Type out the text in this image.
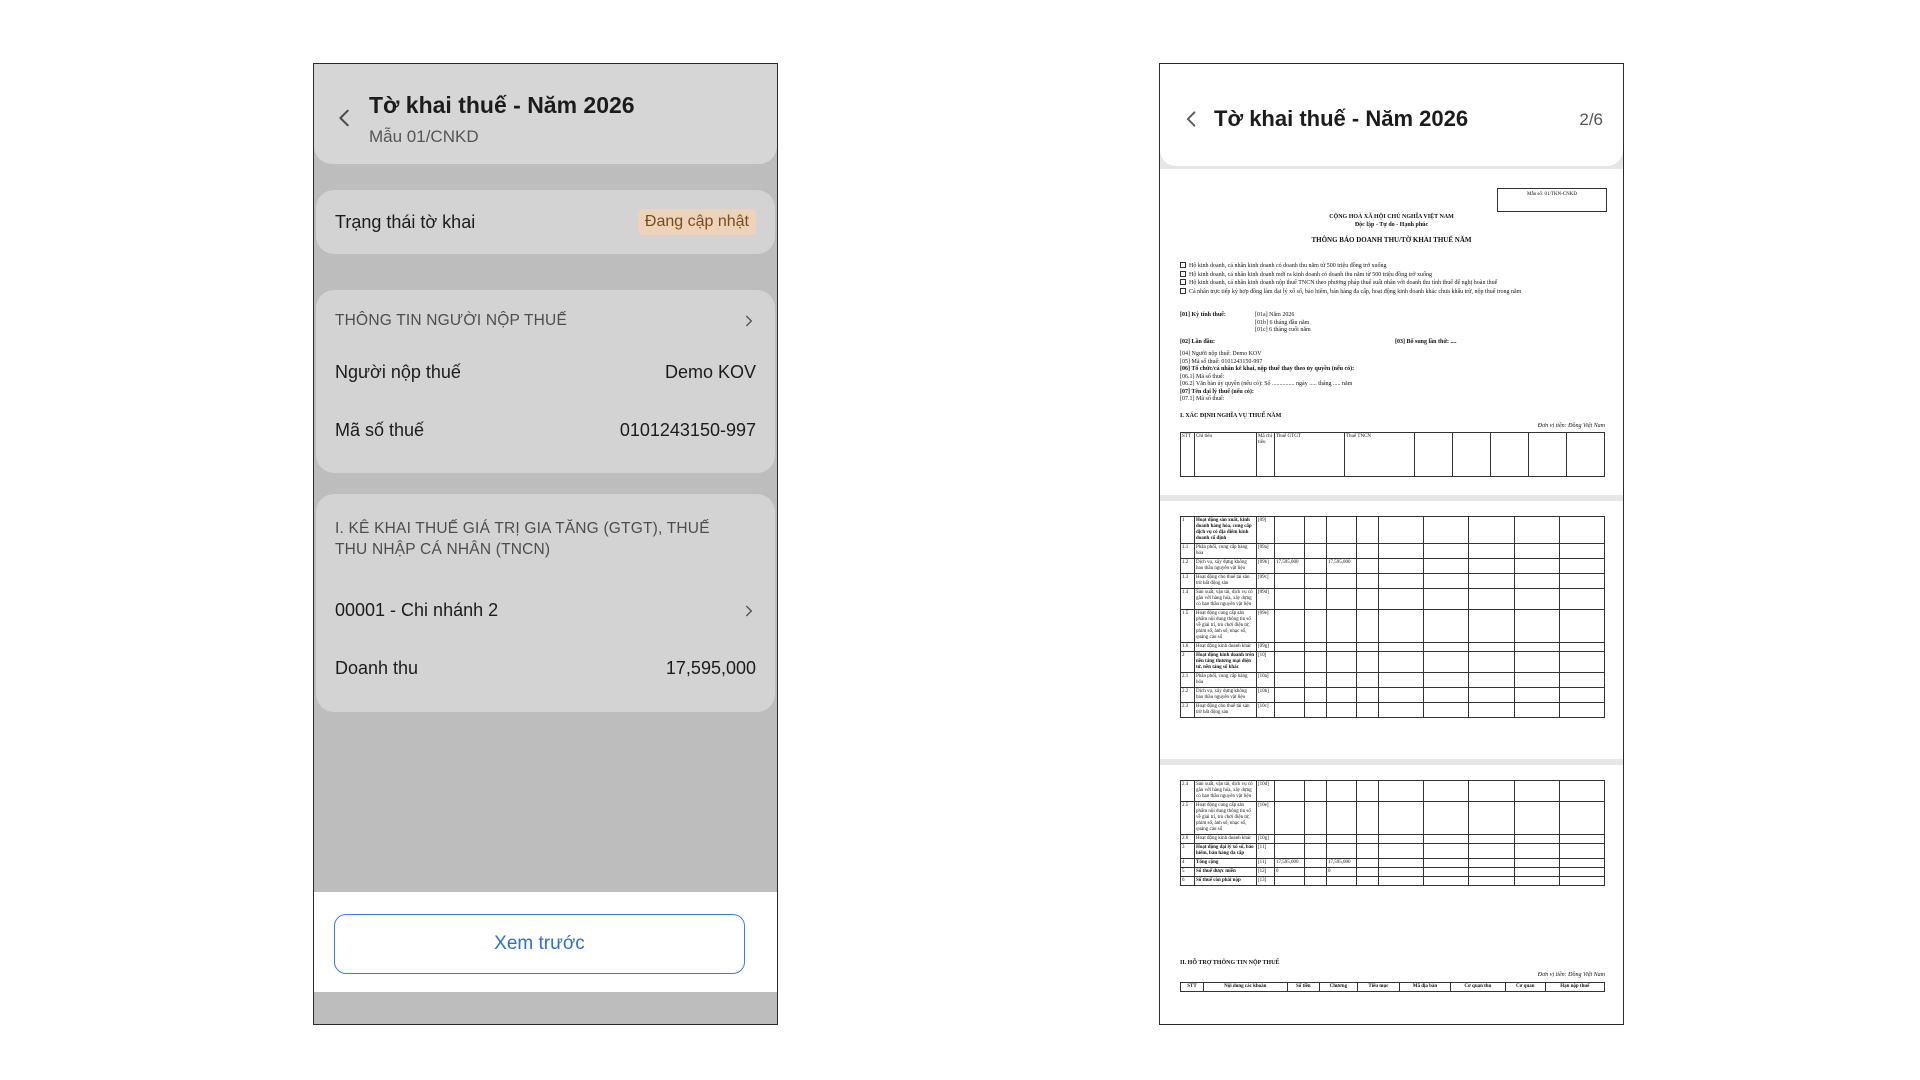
Tờ khai thuế - Năm 2026
Mẫu 01/CNKD
Trạng thái tờ khai	Đang cập nhật
THÔNG TIN NGƯỜI NỘP THUẾ
Người nộp thuế	Demo KOV
Mã số thuế	0101243150-997
I. KÊ KHAI THUẾ GIÁ TRỊ GIA TĂNG (GTGT), THUẾ THU NHẬP CÁ NHÂN (TNCN)
00001 - Chi nhánh 2
Doanh thu	17,595,000
Xem trước
Tờ khai thuế - Năm 2026	2/6
Mẫu số: 01/TKN-CNKD
CỘNG HOÀ XÃ HỘI CHỦ NGHĨA VIỆT NAM
Độc lập - Tự do - Hạnh phúc
THÔNG BÁO DOANH THU/TỜ KHAI THUẾ NĂM
Hộ kinh doanh, cá nhân kinh doanh có doanh thu năm từ 500 triệu đồng trở xuống
Hộ kinh doanh, cá nhân kinh doanh mới ra kinh doanh có doanh thu năm từ 500 triệu đồng trở xuống
Hộ kinh doanh, cá nhân kinh doanh nộp thuế TNCN theo phương pháp thuế suất nhân với doanh thu tính thuế để nghị hoàn thuế
Cá nhân trực tiếp ký hợp đồng làm đại lý xổ số, bảo hiểm, bán hàng đa cấp, hoạt động kinh doanh khác chưa khấu trừ, nộp thuế trong năm
[01] Kỳ tính thuế:	[01a] Năm 2026
[01b] 6 tháng đầu năm
[01c] 6 tháng cuối năm
[02] Lần đầu:	[03] Bổ sung lần thứ: ....
[04] Người nộp thuế: Demo KOV
[05] Mã số thuế: 0101243150-997
[06] Tổ chức/cá nhân kê khai, nộp thuế thay theo ủy quyền (nếu có):
[06.1] Mã số thuế:
[06.2] Văn bản ủy quyền (nếu có): Số ............... ngày ..... tháng ..... năm
[07] Tên đại lý thuế (nếu có):
[07.1] Mã số thuế:
I. XÁC ĐỊNH NGHĨA VỤ THUẾ NĂM
Đơn vị tiền: Đồng Việt Nam
STT	Chỉ tiêu	Mã chỉ tiêu	Thuế GTGT	Thuế TNCN					
1	Hoạt động sản xuất, kinh doanh hàng hóa, cung cấp dịch vụ có địa điểm kinh doanh cố định	[09]									
1.1	Phân phối, cung cấp hàng hóa	[09a]									
1.2	Dịch vụ, xây dựng không bao thầu nguyên vật liệu	[09b]	17,595,000		17,595,000						
1.3	Hoạt động cho thuê tài sản trừ bất động sản	[09c]									
1.4	Sản xuất, vận tải, dịch vụ có gắn với hàng hóa, xây dựng có bao thầu nguyên vật liệu	[09d]									
1.5	Hoạt động cung cấp sản phẩm nội dung thông tin số về giải trí, trò chơi điện tử, phim số, ảnh số, nhạc số, quảng cáo số	[09e]									
1.6	Hoạt động kinh doanh khác	[09g]									
2	Hoạt động kinh doanh trên nền tảng thương mại điện tử, nền tảng số khác	[10]									
2.1	Phân phối, cung cấp hàng hóa	[10a]									
2.2	Dịch vụ, xây dựng không bao thầu nguyên vật liệu	[10b]									
2.3	Hoạt động cho thuê tài sản trừ bất động sản	[10c]									
2.4	Sản xuất, vận tải, dịch vụ có gắn với hàng hóa, xây dựng có bao thầu nguyên vật liệu	[10d]									
2.5	Hoạt động cung cấp sản phẩm nội dung thông tin số về giải trí, trò chơi điện tử, phim số, ảnh số, nhạc số, quảng cáo số	[10e]									
2.6	Hoạt động kinh doanh khác	[10g]									
3	Hoạt động đại lý xổ số, bảo hiểm, bán hàng đa cấp	[11]									
4	Tổng cộng	[11]	17,595,000		17,595,000						
5	Số thuế được miễn	[12]	0		0						
6	Số thuế còn phải nộp	[13]									
II. HỖ TRỢ THÔNG TIN NỘP THUẾ
Đơn vị tiền: Đồng Việt Nam
STT	Nội dung các khoản	Số tiền	Chương	Tiểu mục	Mã địa bàn	Cơ quan thu	Cơ quan	Hạn nộp thuế
